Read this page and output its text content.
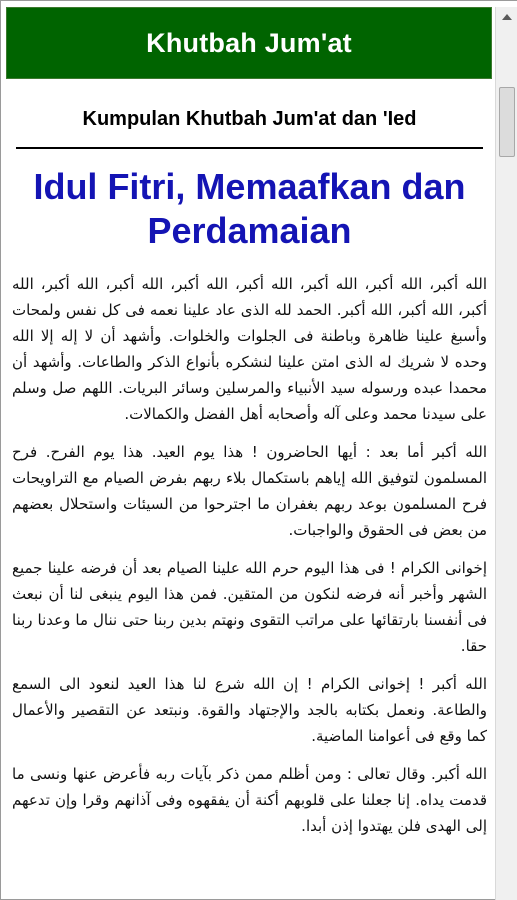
Khutbah Jum'at
Kumpulan Khutbah Jum'at dan 'Ied
Idul Fitri, Memaafkan dan Perdamaian

الله أكبر، الله أكبر، الله أكبر، الله أكبر، الله أكبر، الله أكبر، الله أكبر، الله أكبر، الله أكبر، الله أكبر. الحمد لله الذى عاد علينا نعمه فى كل نفس ولمحات وأسبغ علينا ظاهرة وباطنة فى الجلوات والخلوات. وأشهد أن لا إله إلا الله وحده لا شريك له الذى امتن علينا لنشكره بأنواع الذكر والطاعات. وأشهد أن محمدا عبده ورسوله سيد الأنبياء والمرسلين وسائر البريات. اللهم صل وسلم على سيدنا محمد وعلى آله وأصحابه أهل الفضل والكمالات.

الله أكبر أما بعد : أيها الحاضرون ! هذا يوم العيد. هذا يوم الفرح. فرح المسلمون لتوفيق الله إياهم باستكمال بلاء ربهم بفرض الصيام مع التراويحات فرح المسلمون بوعد ربهم بغفران ما اجترحوا من السيئات واستحلال بعضهم من بعض فى الحقوق والواجبات.

إخوانى الكرام ! فى هذا اليوم حرم الله علينا الصيام بعد أن فرضه علينا جميع الشهر وأخبر أنه فرضه لنكون من المتقين. فمن هذا اليوم ينبغى لنا أن نبعث فى أنفسنا بارتقائها على مراتب التقوى ونهتم بدين ربنا حتى ننال ما وعدنا ربنا حقا.

الله أكبر ! إخوانى الكرام ! إن الله شرع لنا هذا العيد لنعود الى السمع والطاعة. ونعمل بكتابه بالجد والإجتهاد والقوة. ونبتعد عن التقصير والأعمال كما وقع فى أعوامنا الماضية.

الله أكبر. وقال تعالى : ومن أظلم ممن ذكر بآيات ربه فأعرض عنها ونسى ما قدمت يداه. إنا جعلنا على قلوبهم أكنة أن يفقهوه وفى آذانهم وقرا وإن تدعهم إلى الهدى فلن يهتدوا إذن أبدا.
